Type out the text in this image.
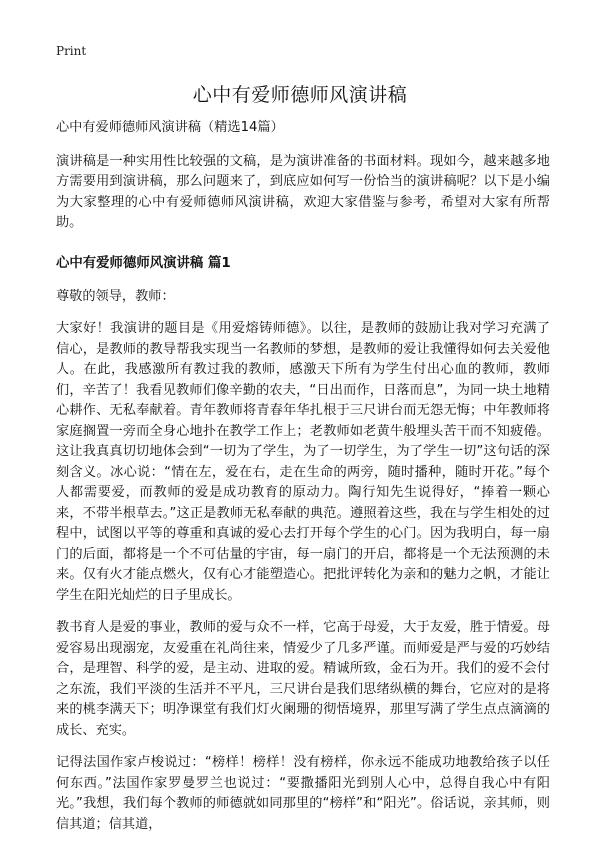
Print
心中有爱师德师风演讲稿

心中有爱师德师风演讲稿（精选14篇）

演讲稿是一种实用性比较强的文稿，是为演讲准备的书面材料。现如今，越来越多地方需要用到演讲稿，那么问题来了，到底应如何写一份恰当的演讲稿呢？以下是小编为大家整理的心中有爱师德师风演讲稿，欢迎大家借鉴与参考，希望对大家有所帮助。

心中有爱师德师风演讲稿 篇1

尊敬的领导，教师：

大家好！我演讲的题目是《用爱熔铸师德》。以往，是教师的鼓励让我对学习充满了信心，是教师的教导帮我实现当一名教师的梦想，是教师的爱让我懂得如何去关爱他人。在此，我感激所有教过我的教师，感激天下所有为学生付出心血的教师，教师们，辛苦了！我看见教师们像辛勤的农夫，“日出而作，日落而息”，为同一块土地精心耕作、无私奉献着。青年教师将青春年华扎根于三尺讲台而无怨无悔；中年教师将家庭搁置一旁而全身心地扑在教学工作上；老教师如老黄牛般埋头苦干而不知疲倦。这让我真真切切地体会到“一切为了学生，为了一切学生，为了学生一切”这句话的深刻含义。冰心说：“情在左，爱在右，走在生命的两旁，随时播种，随时开花。”每个人都需要爱，而教师的爱是成功教育的原动力。陶行知先生说得好，“捧着一颗心来，不带半根草去。”这正是教师无私奉献的典范。遵照着这些，我在与学生相处的过程中，试图以平等的尊重和真诚的爱心去打开每个学生的心门。因为我明白，每一扇门的后面，都将是一个不可估量的宇宙，每一扇门的开启，都将是一个无法预测的未来。仅有火才能点燃火，仅有心才能塑造心。把批评转化为亲和的魅力之帆，才能让学生在阳光灿烂的日子里成长。

教书育人是爱的事业，教师的爱与众不一样，它高于母爱，大于友爱，胜于情爱。母爱容易出现溺宠，友爱重在礼尚往来，情爱少了几多严谨。而师爱是严与爱的巧妙结合，是理智、科学的爱，是主动、进取的爱。精诚所致，金石为开。我们的爱不会付之东流，我们平淡的生活并不平凡，三尺讲台是我们思绪纵横的舞台，它应对的是将来的桃李满天下；明净课堂有我们灯火阑珊的彻悟境界，那里写满了学生点点滴滴的成长、充实。

记得法国作家卢梭说过：“榜样！榜样！没有榜样，你永远不能成功地教给孩子以任何东西。”法国作家罗曼罗兰也说过：“要撒播阳光到别人心中，总得自我心中有阳光。”我想，我们每个教师的师德就如同那里的“榜样”和“阳光”。俗话说，亲其师，则信其道；信其道，
